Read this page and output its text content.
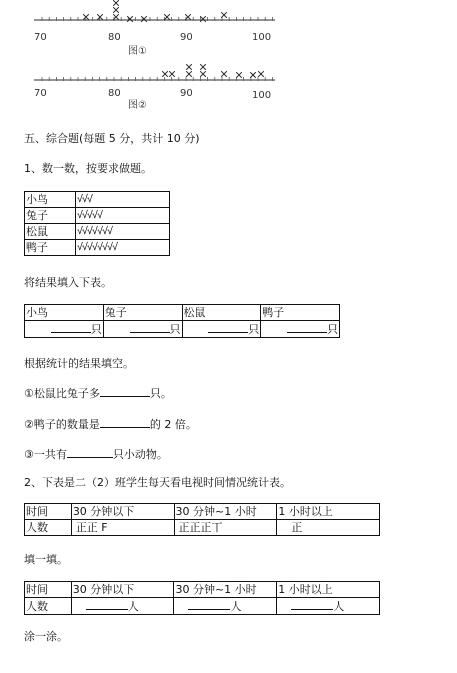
70	80	90	100
图①
70	80	90	100
图②
五、综合题(每题 5 分，共计 10 分)
1、数一数，按要求做题。
小鸟	√√√
兔子	√√√√√
松鼠	√√√√√√√
鸭子	√√√√√√√√
将结果填入下表。
小鸟	兔子	松鼠	鸭子
只	只	只	只
根据统计的结果填空。
①松鼠比兔子多	只。
②鸭子的数量是	的 2 倍。
③一共有	只小动物。
2、下表是二（2）班学生每天看电视时间情况统计表。
时间	30 分钟以下	30 分钟~1 小时	1 小时以上
人数	正正 F	正正正丅	正
填一填。
时间	30 分钟以下	30 分钟~1 小时	1 小时以上
人数	人	人	人
涂一涂。
